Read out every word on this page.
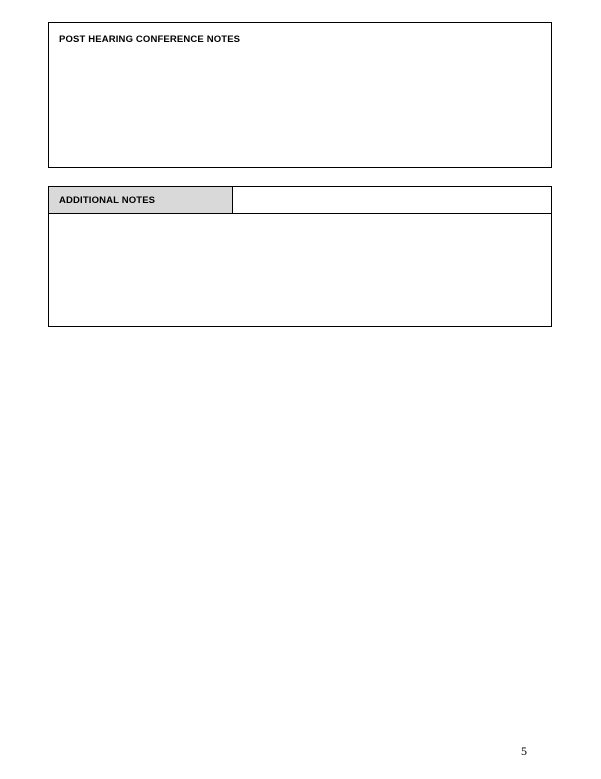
POST HEARING CONFERENCE NOTES
ADDITIONAL NOTES
5
